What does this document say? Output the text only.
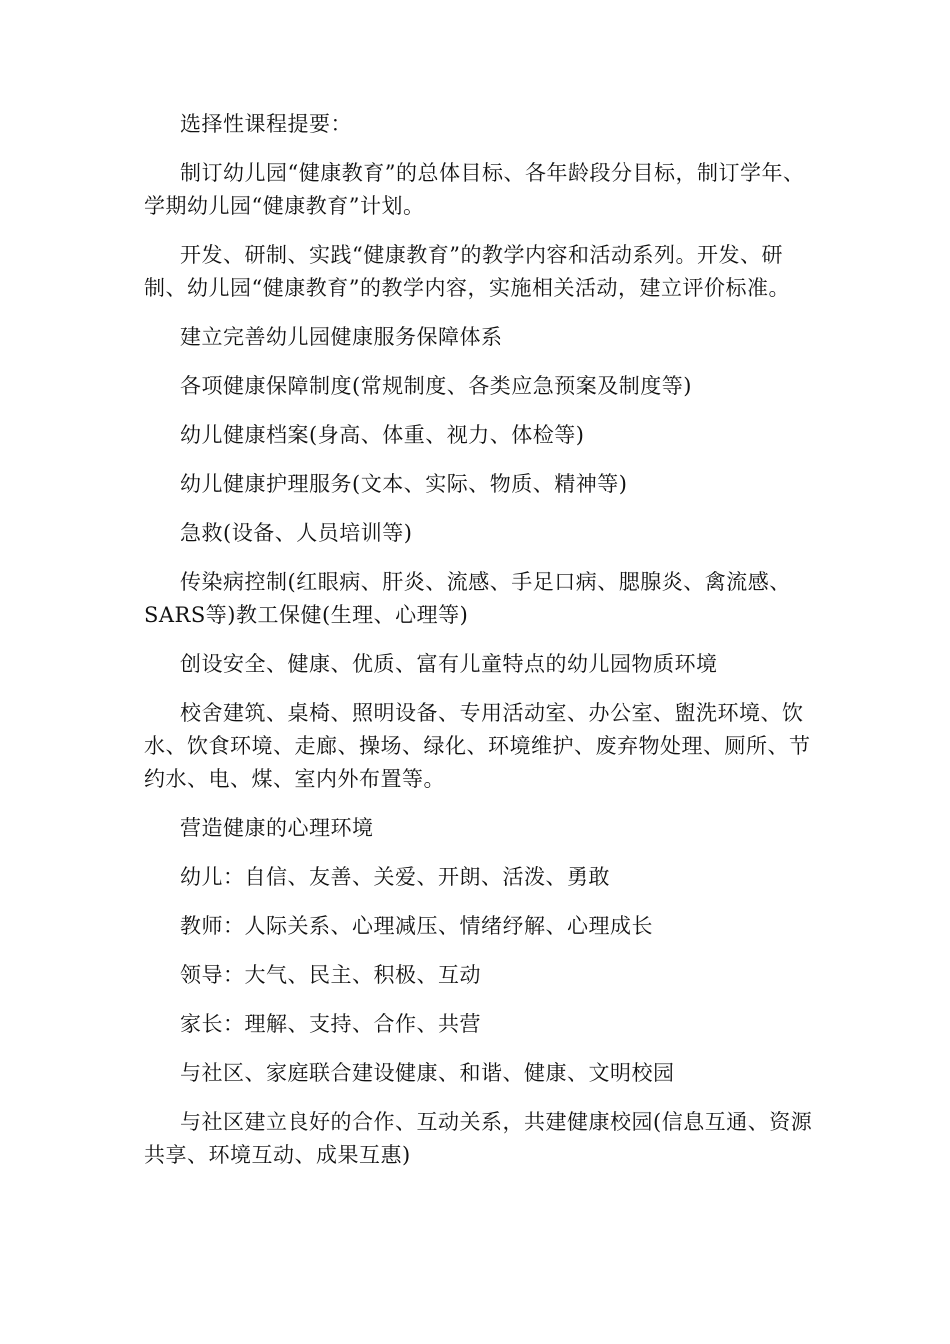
选择性课程提要：

制订幼儿园“健康教育”的总体目标、各年龄段分目标，制订学年、学期幼儿园“健康教育”计划。

开发、研制、实践“健康教育”的教学内容和活动系列。开发、研制、幼儿园“健康教育”的教学内容，实施相关活动，建立评价标准。

建立完善幼儿园健康服务保障体系

各项健康保障制度(常规制度、各类应急预案及制度等)

幼儿健康档案(身高、体重、视力、体检等)

幼儿健康护理服务(文本、实际、物质、精神等)

急救(设备、人员培训等)

传染病控制(红眼病、肝炎、流感、手足口病、腮腺炎、禽流感、SARS等)教工保健(生理、心理等)

创设安全、健康、优质、富有儿童特点的幼儿园物质环境

校舍建筑、桌椅、照明设备、专用活动室、办公室、盥洗环境、饮水、饮食环境、走廊、操场、绿化、环境维护、废弃物处理、厕所、节约水、电、煤、室内外布置等。

营造健康的心理环境

幼儿：自信、友善、关爱、开朗、活泼、勇敢

教师：人际关系、心理减压、情绪纾解、心理成长

领导：大气、民主、积极、互动

家长：理解、支持、合作、共营

与社区、家庭联合建设健康、和谐、健康、文明校园

与社区建立良好的合作、互动关系，共建健康校园(信息互通、资源共享、环境互动、成果互惠)
